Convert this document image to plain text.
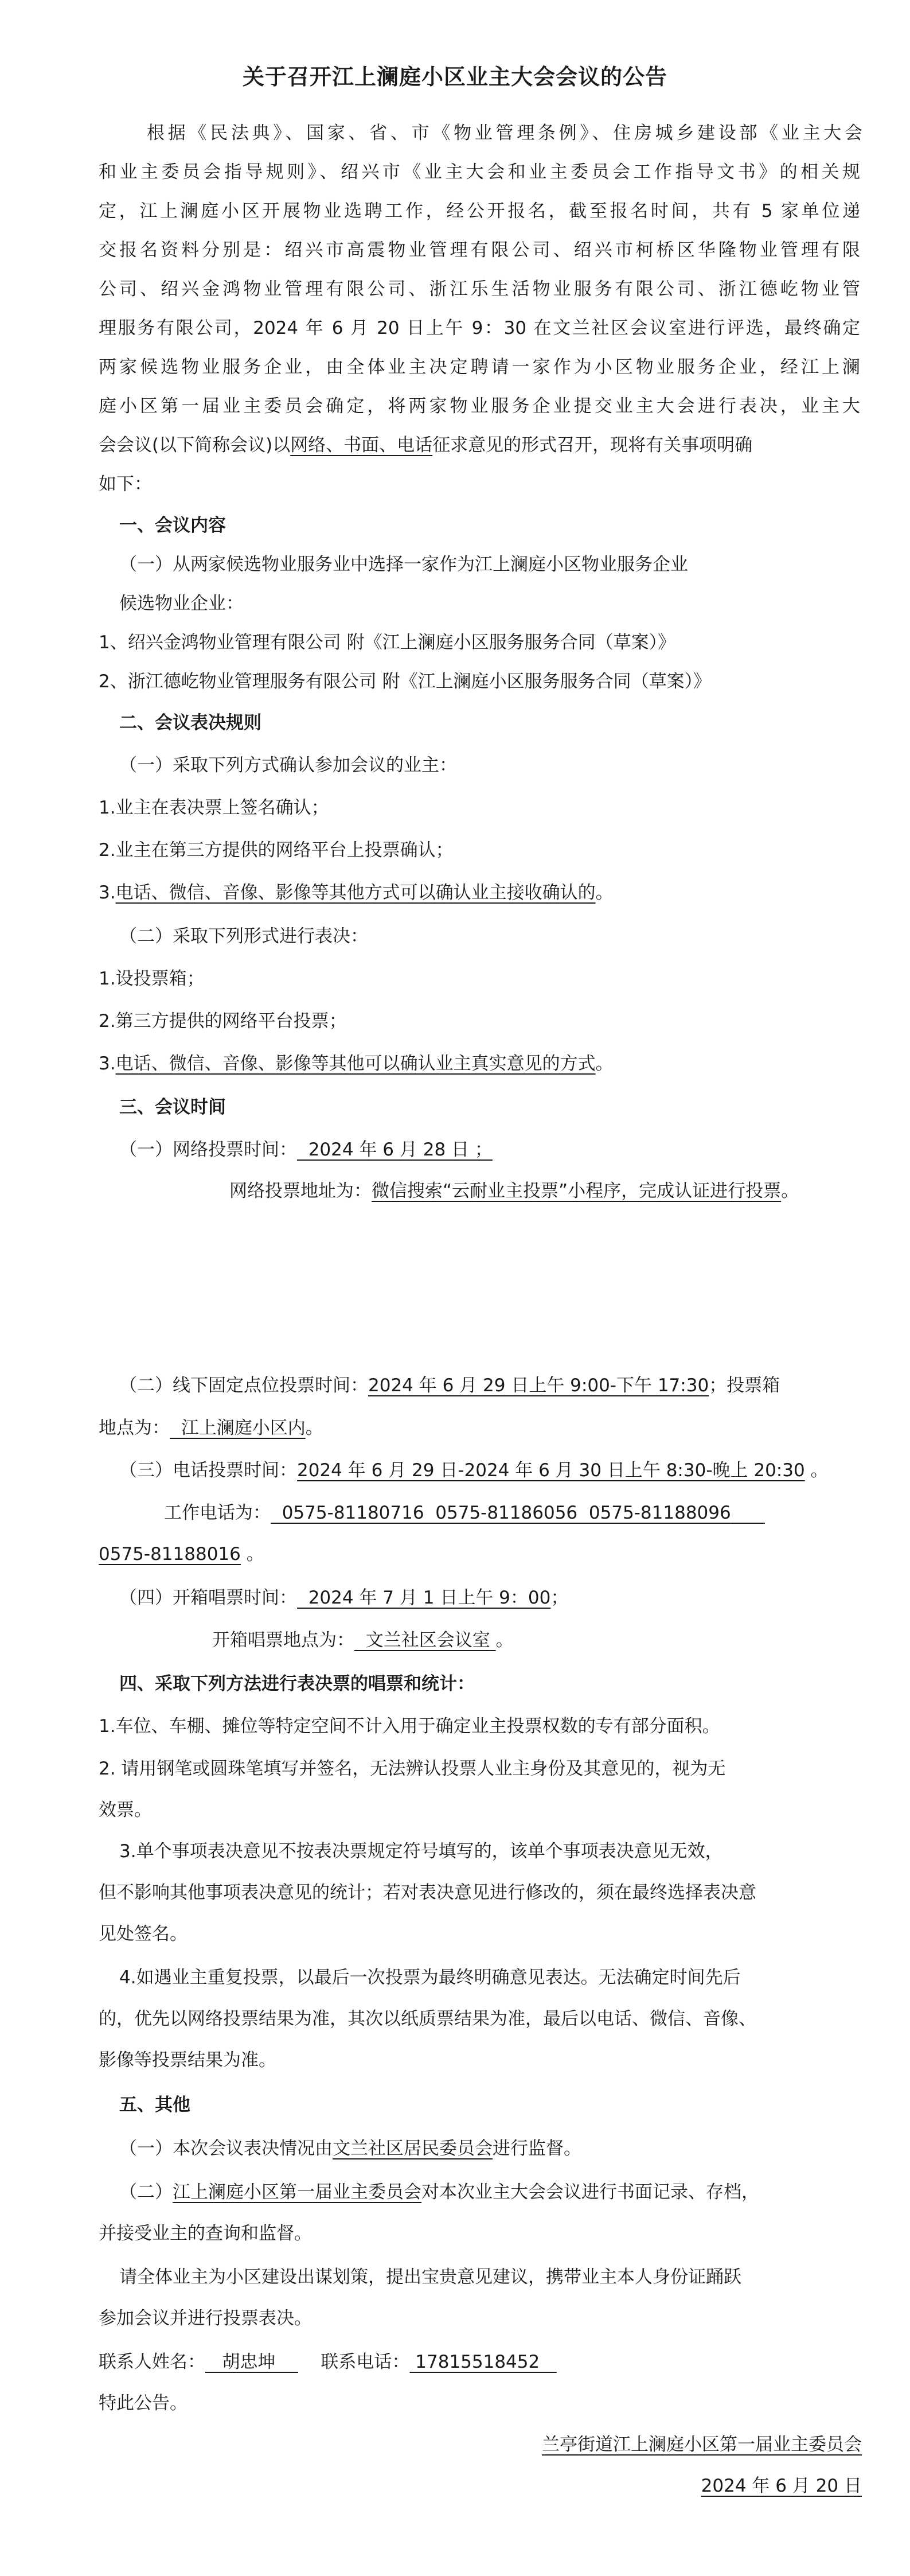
关于召开江上澜庭小区业主大会会议的公告
根据《民法典》、国家、省、市《物业管理条例》、住房城乡建设部《业主大会
和业主委员会指导规则》、绍兴市《业主大会和业主委员会工作指导文书》的相关规
定，江上澜庭小区开展物业选聘工作，经公开报名，截至报名时间，共有 5 家单位递
交报名资料分别是：绍兴市高震物业管理有限公司、绍兴市柯桥区华隆物业管理有限
公司、绍兴金鸿物业管理有限公司、浙江乐生活物业服务有限公司、浙江德屹物业管
理服务有限公司，2024 年 6 月 20 日上午 9：30 在文兰社区会议室进行评选，最终确定
两家候选物业服务企业，由全体业主决定聘请一家作为小区物业服务企业，经江上澜
庭小区第一届业主委员会确定，将两家物业服务企业提交业主大会进行表决，业主大
会会议(以下简称会议)以网络、书面、电话征求意见的形式召开，现将有关事项明确
如下：
一、会议内容
（一）从两家候选物业服务业中选择一家作为江上澜庭小区物业服务企业
候选物业企业：
1、绍兴金鸿物业管理有限公司 附《江上澜庭小区服务服务合同（草案）》
2、浙江德屹物业管理服务有限公司 附《江上澜庭小区服务服务合同（草案）》
二、会议表决规则
（一）采取下列方式确认参加会议的业主：
1.业主在表决票上签名确认；
2.业主在第三方提供的网络平台上投票确认；
3.电话、微信、音像、影像等其他方式可以确认业主接收确认的。
（二）采取下列形式进行表决：
1.设投票箱；
2.第三方提供的网络平台投票；
3.电话、微信、音像、影像等其他可以确认业主真实意见的方式。
三、会议时间
（一）网络投票时间：  2024 年 6 月 28 日 ；
网络投票地址为：微信搜索“云耐业主投票”小程序，完成认证进行投票。
（二）线下固定点位投票时间：2024 年 6 月 29 日上午 9:00-下午 17:30；投票箱
地点为：  江上澜庭小区内。
（三）电话投票时间：2024 年 6 月 29 日-2024 年 6 月 30 日上午 8:30-晚上 20:30 。
工作电话为：  0575-81180716  0575-81186056  0575-81188096
0575-81188016 。
（四）开箱唱票时间：  2024 年 7 月 1 日上午 9：00；
开箱唱票地点为：  文兰社区会议室 。
四、采取下列方法进行表决票的唱票和统计：
1.车位、车棚、摊位等特定空间不计入用于确定业主投票权数的专有部分面积。
2. 请用钢笔或圆珠笔填写并签名，无法辨认投票人业主身份及其意见的，视为无
效票。
3.单个事项表决意见不按表决票规定符号填写的，该单个事项表决意见无效，
但不影响其他事项表决意见的统计；若对表决意见进行修改的，须在最终选择表决意
见处签名。
4.如遇业主重复投票，以最后一次投票为最终明确意见表达。无法确定时间先后
的，优先以网络投票结果为准，其次以纸质票结果为准，最后以电话、微信、音像、
影像等投票结果为准。
五、其他
（一）本次会议表决情况由文兰社区居民委员会进行监督。
（二）江上澜庭小区第一届业主委员会对本次业主大会会议进行书面记录、存档，
并接受业主的查询和监督。
请全体业主为小区建设出谋划策，提出宝贵意见建议，携带业主本人身份证踊跃
参加会议并进行投票表决。
联系人姓名：   胡忠坤        联系电话： 17815518452
特此公告。
兰亭街道江上澜庭小区第一届业主委员会
2024 年 6 月 20 日
